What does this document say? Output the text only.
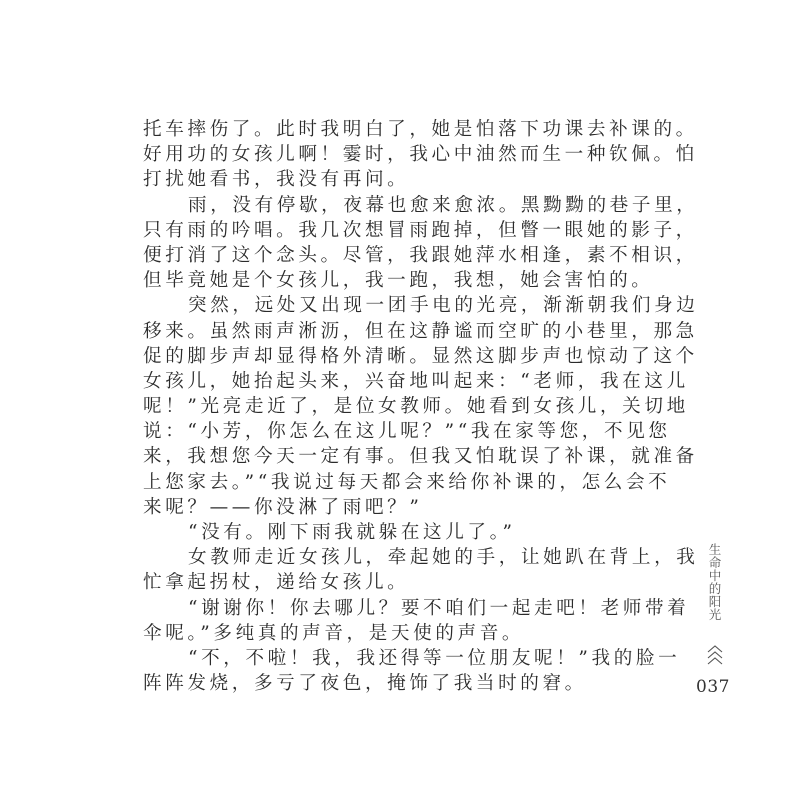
托车摔伤了。此时我明白了，她是怕落下功课去补课的。
好用功的女孩儿啊！霎时，我心中油然而生一种钦佩。怕
打扰她看书，我没有再问。
雨，没有停歇，夜幕也愈来愈浓。黑黝黝的巷子里，
只有雨的吟唱。我几次想冒雨跑掉，但瞥一眼她的影子，
便打消了这个念头。尽管，我跟她萍水相逢，素不相识，
但毕竟她是个女孩儿，我一跑，我想，她会害怕的。
突然，远处又出现一团手电的光亮，渐渐朝我们身边
移来。虽然雨声淅沥，但在这静谧而空旷的小巷里，那急
促的脚步声却显得格外清晰。显然这脚步声也惊动了这个
女孩儿，她抬起头来，兴奋地叫起来：“老师，我在这儿
呢！”光亮走近了，是位女教师。她看到女孩儿，关切地
说：“小芳，你怎么在这儿呢？”“我在家等您，不见您
来，我想您今天一定有事。但我又怕耽误了补课，就准备
上您家去。”“我说过每天都会来给你补课的，怎么会不
来呢？——你没淋了雨吧？”
“没有。刚下雨我就躲在这儿了。”
女教师走近女孩儿，牵起她的手，让她趴在背上，我
忙拿起拐杖，递给女孩儿。
“谢谢你！你去哪儿？要不咱们一起走吧！老师带着
伞呢。”多纯真的声音，是天使的声音。
“不，不啦！我，我还得等一位朋友呢！”我的脸一
阵阵发烧，多亏了夜色，掩饰了我当时的窘。
生
命
中
的
阳
光
037
